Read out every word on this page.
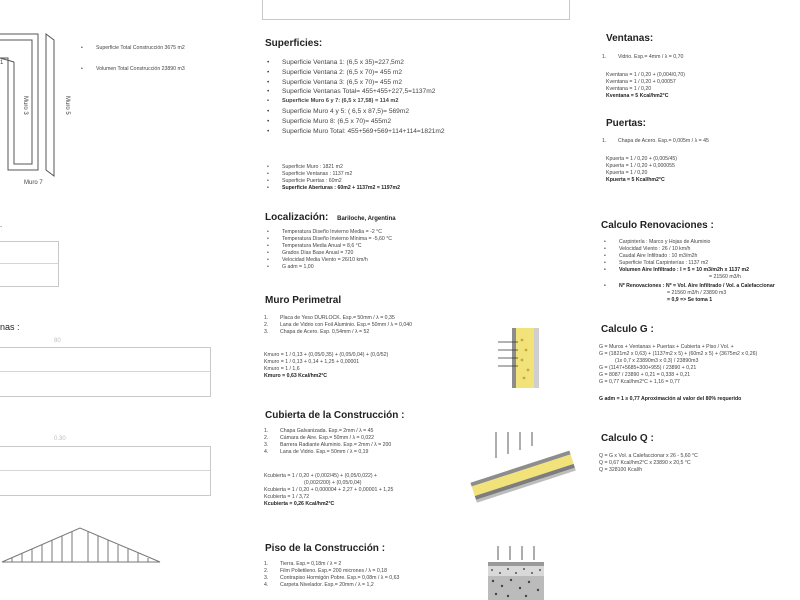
Muro 3	Muro 5
Muro 7
1
• Superficie Total Construcción 3675 m2
• Volumen Total Construcción 23890 m3
.
nas :
80
0.30
Superficies:
• Superficie Ventana 1: (6,5 x 35)=227,5m2
• Superficie Ventana 2: (6,5 x 70)= 455 m2
• Superficie Ventana 3: (6,5 x 70)= 455 m2
• Superficie Ventanas Total= 455+455+227,5=1137m2
• Superficie Muro 6 y 7: (6,5 x 17,58) = 114 m2
• Superficie Muro 4 y 5: ( 6,5 x 87,5)= 569m2
• Superficie Muro 8: (6,5 x 70)= 455m2
• Superficie Muro Total: 455+569+569+114+114=1821m2
• Superficie Muro : 1821 m2
• Superficie Ventanas : 1137 m2
• Superficie Puertas : 60m2
• Superficie Aberturas : 60m2 + 1137m2 = 1197m2
Localización: Bariloche, Argentina
• Temperatura Diseño Invierno Media = -2 °C
• Temperatura Diseño Invierno Mínima = -5,60 °C
• Temperatura Media Anual = 8,6 °C
• Grados Días Base Anual = 720
• Velocidad Media Viento = 26/10 km/h
• G adm = 1,00
Muro Perimetral
1. Placa de Yeso DURLOCK. Esp.= 50mm / λ = 0,35
2. Lana de Vidrio con Foil Aluminio. Esp.= 50mm / λ = 0,040
3. Chapa de Acero. Esp. 0,54mm / λ = 52
Kmuro = 1 / 0,13 + (0,05/0,35) + (0,05/0,04) + (0,0/52)
Kmuro = 1 / 0,13 + 0,14 + 1,25 + 0,00001
Kmuro = 1 / 1,6
Kmuro = 0,63 Kcal/hm2°C
Cubierta de la Construcción :
1. Chapa Galvanizada. Esp.= 2mm / λ = 45
2. Cámara de Aire. Esp.= 50mm / λ = 0,022
3. Barrera Radiante Aluminio. Esp.= 2mm / λ = 200
4. Lana de Vidrio. Esp.= 50mm / λ = 0,19
Kcubierta = 1 / 0,20 + (0,002/45) + (0,05/0,022) +
(0,002/200) + (0,05/0,04)
Kcubierta = 1 / 0,20 + 0,000004 + 2,27 + 0,00001 + 1,25
Kcubierta = 1 / 3,72
Kcubierta = 0,26 Kcal/hm2°C
Piso de la Construcción :
1. Tierra. Esp.= 0,18m / λ = 2
2. Film Polietileno. Esp.= 200 micrones / λ = 0,18
3. Contrapiso Hormigón Pobre. Esp.= 0,08m / λ = 0,63
4. Carpeta Nivelador. Esp.= 20mm / λ = 1,2
Ventanas:
1. Vidrio. Esp.= 4mm / λ = 0,70
Kventana = 1 / 0,20 + (0,004/0,70)
Kventana = 1 / 0,20 + 0,00057
Kventana = 1 / 0,20
Kventana = 5 Kcal/hm2°C
Puertas:
1. Chapa de Acero. Esp.= 0,005m / λ = 45
Kpuerta = 1 / 0,20 + (0,005/45)
Kpuerta = 1 / 0,20 + 0,000055
Kpuerta = 1 / 0,20
Kpuerta = 5 Kcal/hm2°C
Calculo Renovaciones :
• Carpintería : Marco y Hojas de Aluminio
• Velocidad Viento : 26 / 10 km/h
• Caudal Aire Infiltrado : 10 m3/m2h
• Superficie Total Carpinterías : 1137 m2
• Volumen Aire Infiltrado : I = 5 = 10 m3/m2h x 1137 m2
= 21560 m3/h
• Nº Renovaciones : Nº = Vol. Aire Infiltrado / Vol. a Calefaccionar
= 21560 m3/h / 23890 m3
= 0,9 => Se toma 1
Calculo G :
G = Muros + Ventanas + Puertas + Cubierta + Piso / Vol. +
G = (1821m2 x 0,63) + (1137m2 x 5) + (60m2 x 5) + (3675m2 x 0,26)
(1x 0,7 x 23890m3 x 0,3) / 23890m3
G = (1147+5685+300+955) / 23890 + 0,21
G = 8087 / 23890 + 0,21 = 0,338 + 0,21
G = 0,77 Kcal/hm2°C + 1,16 = 0,77
G adm = 1 ≥ 0,77 Aproximación al valor del 80% requerido
Calculo Q :
Q = G x Vol. a Calefaccionar x 26 - 5,60 °C
Q = 0,67 Kcal/hm2°C x 23890 x 20,5 °C
Q = 328100 Kcal/h
